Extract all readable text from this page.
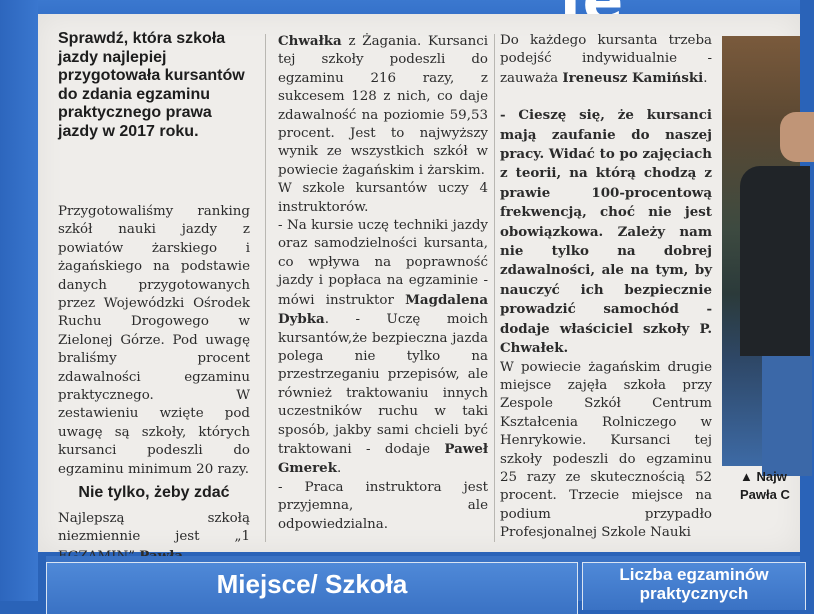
Sprawdź, która szkoła jazdy najlepiej przygotowała kursantów do zdania egzaminu praktycznego prawa jazdy w 2017 roku.

Przygotowaliśmy ranking szkół nauki jazdy z powiatów żarskiego i żagańskiego na podstawie danych przygotowanych przez Wojewódzki Ośrodek Ruchu Drogowego w Zielonej Górze. Pod uwagę braliśmy procent zdawalności egzaminu praktycznego. W zestawieniu wzięte pod uwagę są szkoły, których kursanci podeszli do egzaminu minimum 20 razy.

Nie tylko, żeby zdać

Najlepszą szkołą niezmiennie jest „1

Chwałka z Żagania. Kursanci tej szkoły podeszli do egzaminu 216 razy, z sukcesem 128 z nich, co daje zdawalność na poziomie 59,53 procent. Jest to najwyższy wynik ze wszystkich szkół w powiecie żagańskim i żarskim.

W szkole kursantów uczy 4 instruktorów.

- Na kursie uczę techniki jazdy oraz samodzielności kursanta, co wpływa na poprawność jazdy i popłaca na egzaminie - mówi instruktor Magdalena Dybka. - Uczę moich kursantów,że bezpieczna jazda polega nie tylko na przestrzeganiu przepisów, ale również traktowaniu innych uczestników ruchu w taki sposób, jakby sami chcieli być traktowani - dodaje Paweł Gmerek.

- Praca instruktora jest przyjemna, ale odpowiedzialna.

Do każdego kursanta trzeba podejść indywidualnie - zauważa Ireneusz Kamiński.

- Cieszę się, że kursanci mają zaufanie do naszej pracy. Widać to po zajęciach z teorii, na którą chodzą z prawie 100-procentową frekwencją, choć nie jest obowiązkowa. Zależy nam nie tylko na dobrej zdawalności, ale na tym, by nauczyć ich bezpiecznie prowadzić samochód - dodaje właściciel szkoły P. Chwałek.

W powiecie żagańskim drugie miejsce zajęła szkoła przy Zespole Szkół Centrum Kształcenia Rolniczego w Henrykowie. Kursanci tej szkoły podeszli do egzaminu 25 razy ze skutecznością 52 procent. Trzecie miejsce na podium przypadło Profesjonalnej Szkole Nauki

▲ Najw
Pawła C
Miejsce/ Szkoła	Liczba egzaminów praktycznych
